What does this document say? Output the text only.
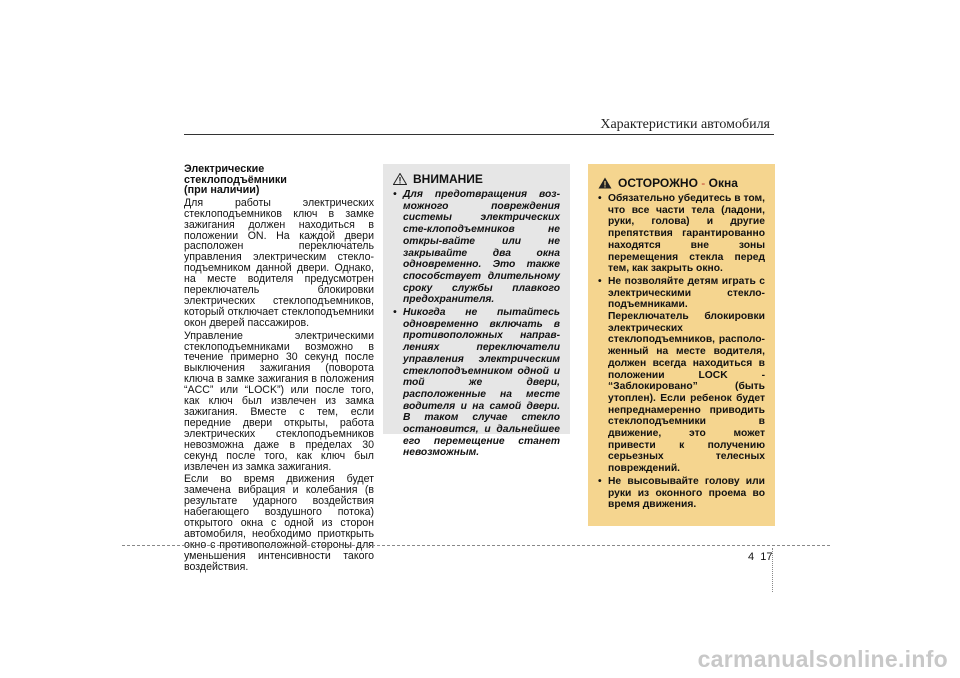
Характеристики автомобиля
Электрические
стеклоподъёмники
(при наличии)

Для работы электрических стеклоподъемников ключ в замке зажигания должен находиться в положении ON. На каждой двери расположен переключатель управления электрическим стекло-подъемником данной двери. Однако, на месте водителя предусмотрен переключатель блокировки электрических стеклоподъемников, который отключает стеклоподъемники окон дверей пассажиров.

Управление электрическими стеклоподъемниками возможно в течение примерно 30 секунд после выключения зажигания (поворота ключа в замке зажигания в положения “ACC” или “LOCK”) или после того, как ключ был извлечен из замка зажигания. Вместе с тем, если передние двери открыты, работа электрических стеклоподъемников невозможна даже в пределах 30 секунд после того, как ключ был извлечен из замка зажигания.

Если во время движения будет замечена вибрация и колебания (в результате ударного воздействия набегающего воздушного потока) открытого окна с одной из сторон автомобиля, необходимо приоткрыть окно с противоположной стороны для уменьшения интенсивности такого воздействия.

ВНИМАНИЕ
• Для предотвращения воз-можного повреждения системы электрических сте-клоподъемников не откры-вайте или не закрывайте два окна одновременно. Это также способствует длительному сроку службы плавкого предохранителя.
• Никогда не пытайтесь одновременно включать в противоположных направ-лениях переключатели управления электрическим стеклоподъемником одной и той же двери, расположенные на месте водителя и на самой двери. В таком случае стекло остановится, и дальнейшее его перемещение станет невозможным.
ОСТОРОЖНО - Окна
• Обязательно убедитесь в том, что все части тела (ладони, руки, голова) и другие препятствия гарантированно находятся вне зоны перемещения стекла перед тем, как закрыть окно.
• Не позволяйте детям играть с электрическими стекло-подъемниками. Переключатель блокировки электрических стеклоподъемников, располо-женный на месте водителя, должен всегда находиться в положении LOCK - “Заблокировано” (быть утоплен). Если ребенок будет непреднамеренно приводить стеклоподъемники в движение, это может привести к получению серьезных телесных повреждений.
• Не высовывайте голову или руки из оконного проема во время движения.
4 17
carmanualsonline.info
